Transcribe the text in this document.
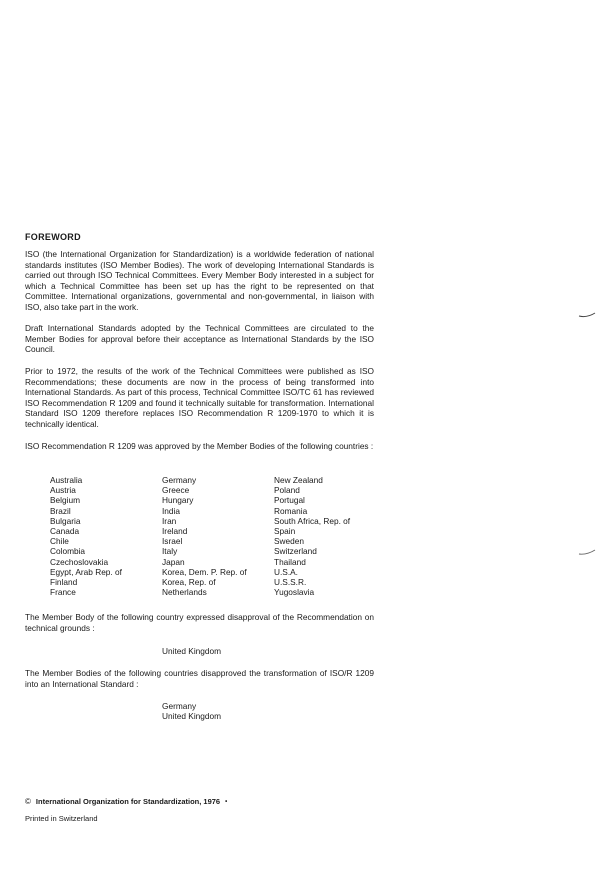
FOREWORD
ISO (the International Organization for Standardization) is a worldwide federation of national standards institutes (ISO Member Bodies). The work of developing International Standards is carried out through ISO Technical Committees. Every Member Body interested in a subject for which a Technical Committee has been set up has the right to be represented on that Committee. International organizations, governmental and non-governmental, in liaison with ISO, also take part in the work.
Draft International Standards adopted by the Technical Committees are circulated to the Member Bodies for approval before their acceptance as International Standards by the ISO Council.
Prior to 1972, the results of the work of the Technical Committees were published as ISO Recommendations; these documents are now in the process of being transformed into International Standards. As part of this process, Technical Committee ISO/TC 61 has reviewed ISO Recommendation R 1209 and found it technically suitable for transformation. International Standard ISO 1209 therefore replaces ISO Recommendation R 1209-1970 to which it is technically identical.
ISO Recommendation R 1209 was approved by the Member Bodies of the following countries :
Australia
Austria
Belgium
Brazil
Bulgaria
Canada
Chile
Colombia
Czechoslovakia
Egypt, Arab Rep. of
Finland
France
Germany
Greece
Hungary
India
Iran
Ireland
Israel
Italy
Japan
Korea, Dem. P. Rep. of
Korea, Rep. of
Netherlands
New Zealand
Poland
Portugal
Romania
South Africa, Rep. of
Spain
Sweden
Switzerland
Thailand
U.S.A.
U.S.S.R.
Yugoslavia
The Member Body of the following country expressed disapproval of the Recommendation on technical grounds :
United Kingdom
The Member Bodies of the following countries disapproved the transformation of ISO/R 1209 into an International Standard :
Germany
United Kingdom
© International Organization for Standardization, 1976 •
Printed in Switzerland
